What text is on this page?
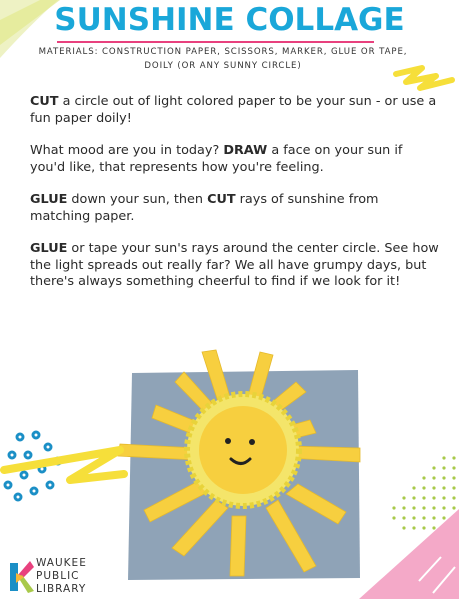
SUNSHINE COLLAGE
MATERIALS: CONSTRUCTION PAPER, SCISSORS, MARKER, GLUE OR TAPE, DOILY (OR ANY SUNNY CIRCLE)

CUT a circle out of light colored paper to be your sun - or use a fun paper doily!

What mood are you in today? DRAW a face on your sun if you'd like, that represents how you're feeling.

GLUE down your sun, then CUT rays of sunshine from matching paper.

GLUE or tape your sun's rays around the center circle. See how the light spreads out really far? We all have grumpy days, but there's always something cheerful to find if we look for it!

WAUKEE
PUBLIC
LIBRARY
